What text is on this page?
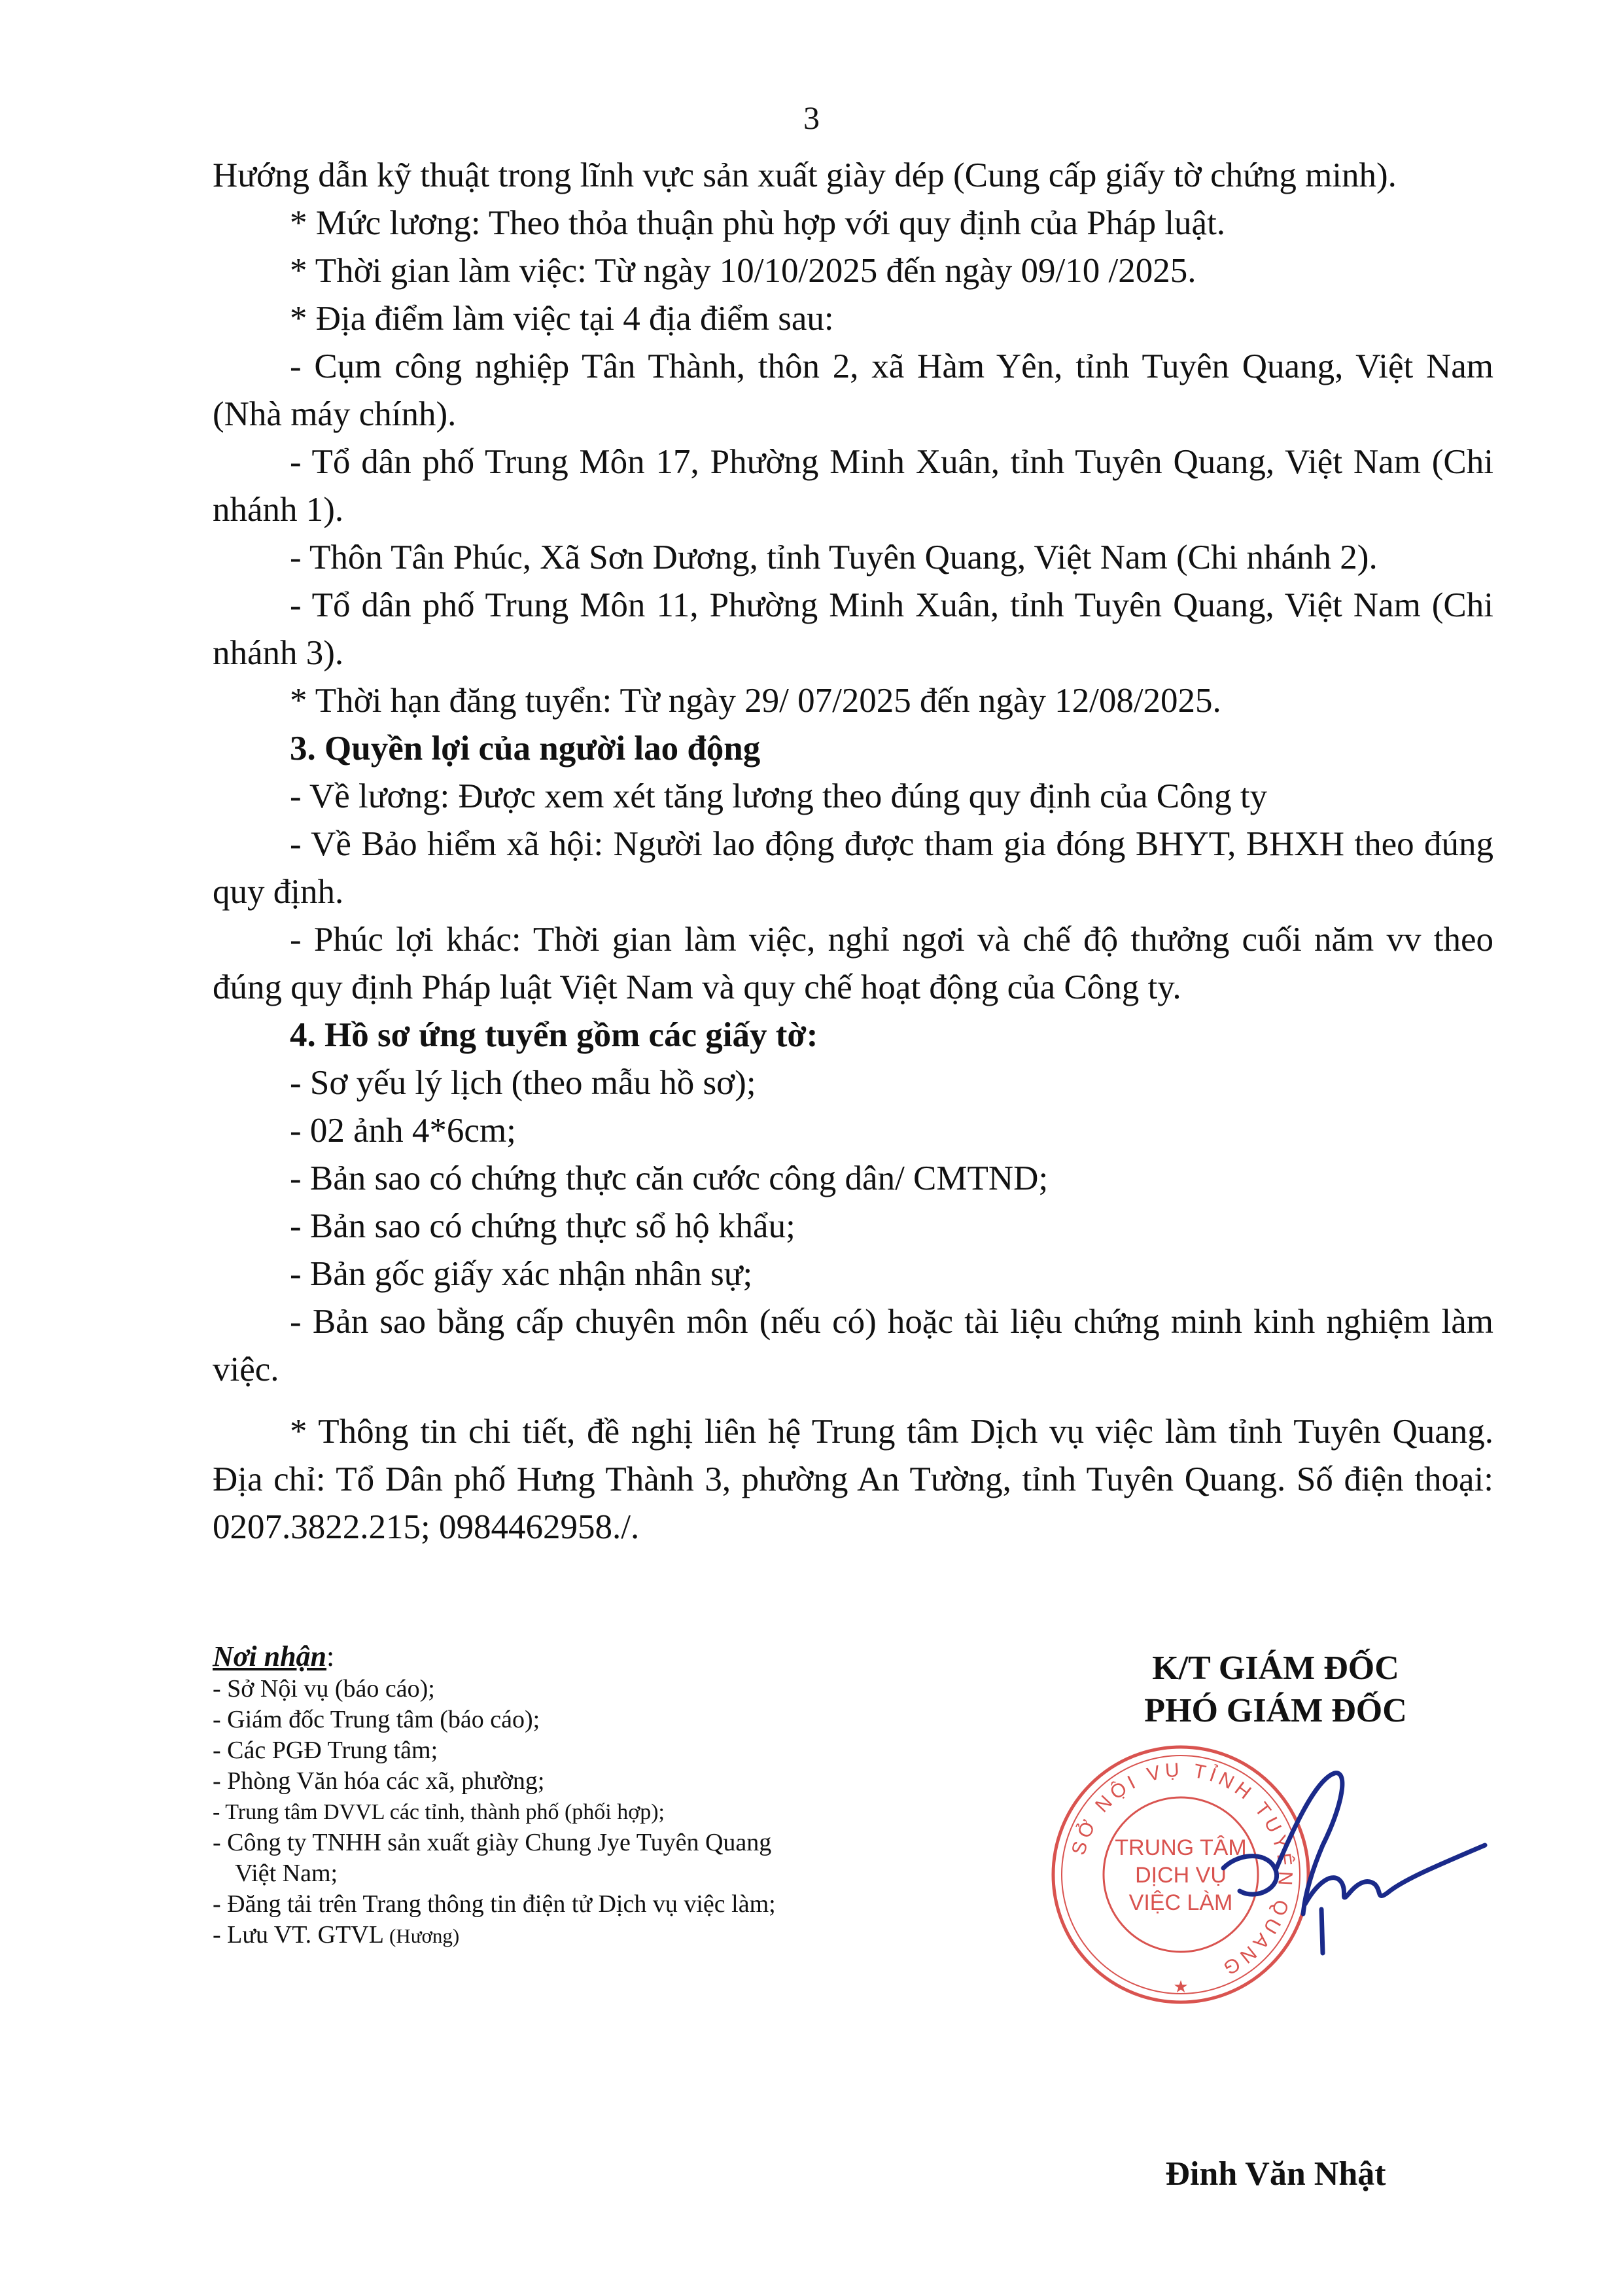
3

Hướng dẫn kỹ thuật trong lĩnh vực sản xuất giày dép (Cung cấp giấy tờ chứng minh).

* Mức lương: Theo thỏa thuận phù hợp với quy định của Pháp luật.

* Thời gian làm việc: Từ ngày 10/10/2025 đến ngày 09/10 /2025.

* Địa điểm làm việc tại 4 địa điểm sau:

- Cụm công nghiệp Tân Thành, thôn 2, xã Hàm Yên, tỉnh Tuyên Quang, Việt Nam (Nhà máy chính).

- Tổ dân phố Trung Môn 17, Phường Minh Xuân, tỉnh Tuyên Quang, Việt Nam (Chi nhánh 1).

- Thôn Tân Phúc, Xã Sơn Dương, tỉnh Tuyên Quang, Việt Nam (Chi nhánh 2).

- Tổ dân phố Trung Môn 11, Phường Minh Xuân, tỉnh Tuyên Quang, Việt Nam (Chi nhánh 3).

* Thời hạn đăng tuyển: Từ ngày 29/ 07/2025 đến ngày 12/08/2025.

3. Quyền lợi của người lao động

- Về lương: Được xem xét tăng lương theo đúng quy định của Công ty

- Về Bảo hiểm xã hội: Người lao động được tham gia đóng BHYT, BHXH theo đúng quy định.

- Phúc lợi khác: Thời gian làm việc, nghỉ ngơi và chế độ thưởng cuối năm vv theo đúng quy định Pháp luật Việt Nam và quy chế hoạt động của Công ty.

4. Hồ sơ ứng tuyển gồm các giấy tờ:

- Sơ yếu lý lịch (theo mẫu hồ sơ);

- 02 ảnh 4*6cm;

- Bản sao có chứng thực căn cước công dân/ CMTND;

- Bản sao có chứng thực sổ hộ khẩu;

- Bản gốc giấy xác nhận nhân sự;

- Bản sao bằng cấp chuyên môn (nếu có) hoặc tài liệu chứng minh kinh nghiệm làm việc.

* Thông tin chi tiết, đề nghị liên hệ Trung tâm Dịch vụ việc làm tỉnh Tuyên Quang. Địa chỉ: Tổ Dân phố Hưng Thành 3, phường An Tường, tỉnh Tuyên Quang. Số điện thoại: 0207.3822.215; 0984462958./.

Nơi nhận:
- Sở Nội vụ (báo cáo);
- Giám đốc Trung tâm (báo cáo);
- Các PGĐ Trung tâm;
- Phòng Văn hóa các xã, phường;
- Trung tâm DVVL các tỉnh, thành phố (phối hợp);
- Công ty TNHH sản xuất giày Chung Jye Tuyên Quang
Việt Nam;
- Đăng tải trên Trang thông tin điện tử Dịch vụ việc làm;
- Lưu VT. GTVL (Hương)
K/T GIÁM ĐỐC
PHÓ GIÁM ĐỐC
SỞ NỘI VỤ TỈNH TUYÊN QUANG
TRUNG TÂM
DỊCH VỤ
VIỆC LÀM
★
Đinh Văn Nhật
